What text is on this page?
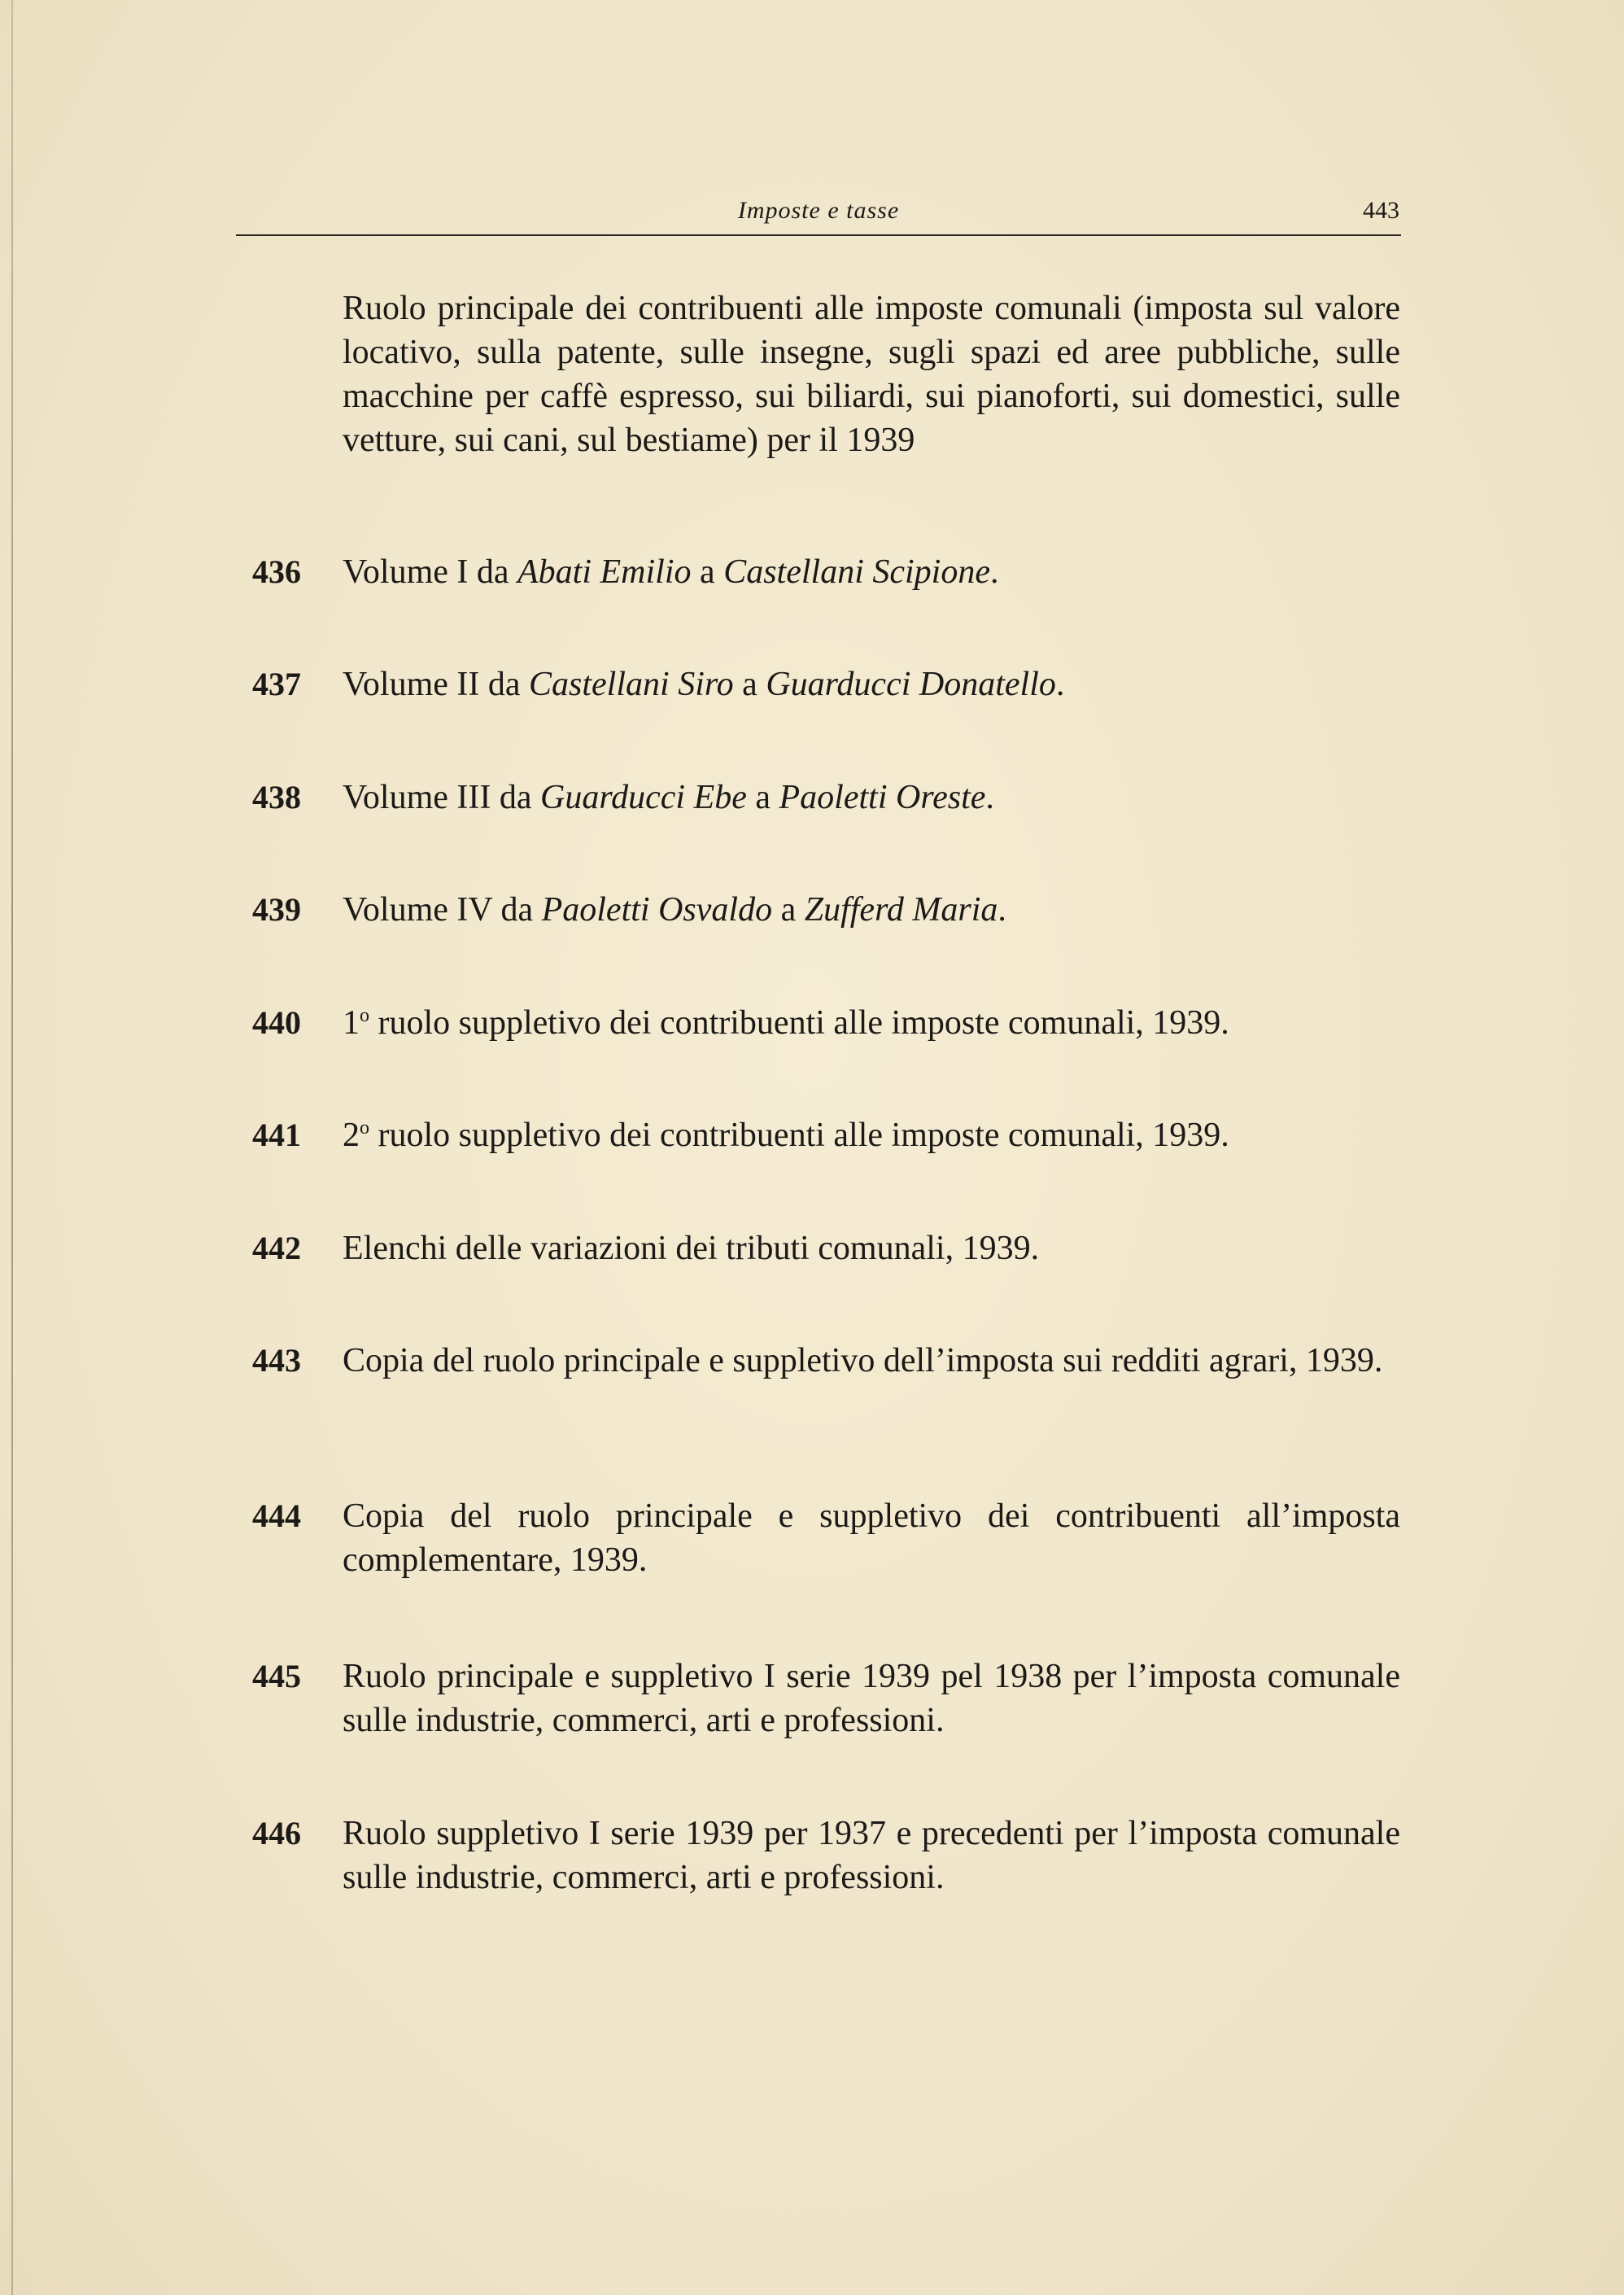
Imposte e tasse	443
Ruolo principale dei contribuenti alle imposte comunali (imposta sul valore locativo, sulla patente, sulle insegne, sugli spazi ed aree pubbliche, sulle macchine per caffè espresso, sui biliardi, sui pianoforti, sui domestici, sulle vetture, sui cani, sul bestiame) per il 1939
436	Volume I da Abati Emilio a Castellani Scipione.
437	Volume II da Castellani Siro a Guarducci Donatello.
438	Volume III da Guarducci Ebe a Paoletti Oreste.
439	Volume IV da Paoletti Osvaldo a Zufferd Maria.
440	1$^o$ ruolo suppletivo dei contribuenti alle imposte comunali, 1939.
441	2$^o$ ruolo suppletivo dei contribuenti alle imposte comunali, 1939.
442	Elenchi delle variazioni dei tributi comunali, 1939.
443	Copia del ruolo principale e suppletivo dell’imposta sui redditi agrari, 1939.
444	Copia del ruolo principale e suppletivo dei contribuenti all’imposta complementare, 1939.
445	Ruolo principale e suppletivo I serie 1939 pel 1938 per l’imposta comunale sulle industrie, commerci, arti e professioni.
446	Ruolo suppletivo I serie 1939 per 1937 e precedenti per l’imposta comunale sulle industrie, commerci, arti e professioni.
